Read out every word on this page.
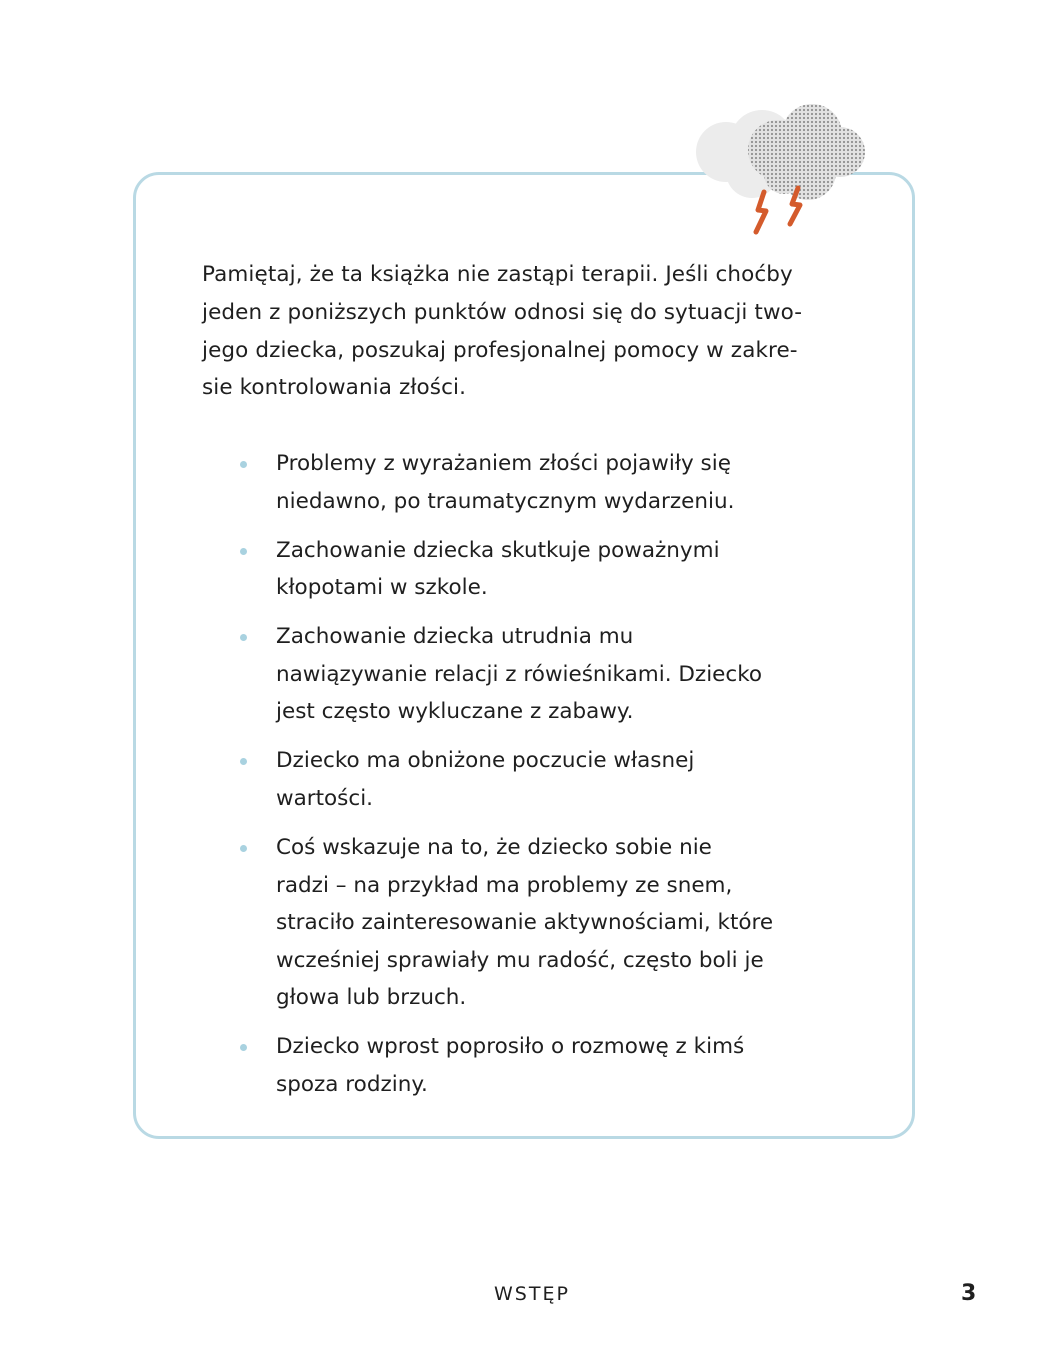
Pamiętaj, że ta książka nie zastąpi terapii. Jeśli choćby
jeden z poniższych punktów odnosi się do sytuacji two-
jego dziecka, poszukaj profesjonalnej pomocy w zakre-
sie kontrolowania złości.

Problemy z wyrażaniem złości pojawiły się
niedawno, po traumatycznym wydarzeniu.
Zachowanie dziecka skutkuje poważnymi
kłopotami w szkole.
Zachowanie dziecka utrudnia mu
nawiązywanie relacji z rówieśnikami. Dziecko
jest często wykluczane z zabawy.
Dziecko ma obniżone poczucie własnej
wartości.
Coś wskazuje na to, że dziecko sobie nie
radzi – na przykład ma problemy ze snem,
straciło zainteresowanie aktywnościami, które
wcześniej sprawiały mu radość, często boli je
głowa lub brzuch.
Dziecko wprost poprosiło o rozmowę z kimś
spoza rodziny.
WSTĘP	3
